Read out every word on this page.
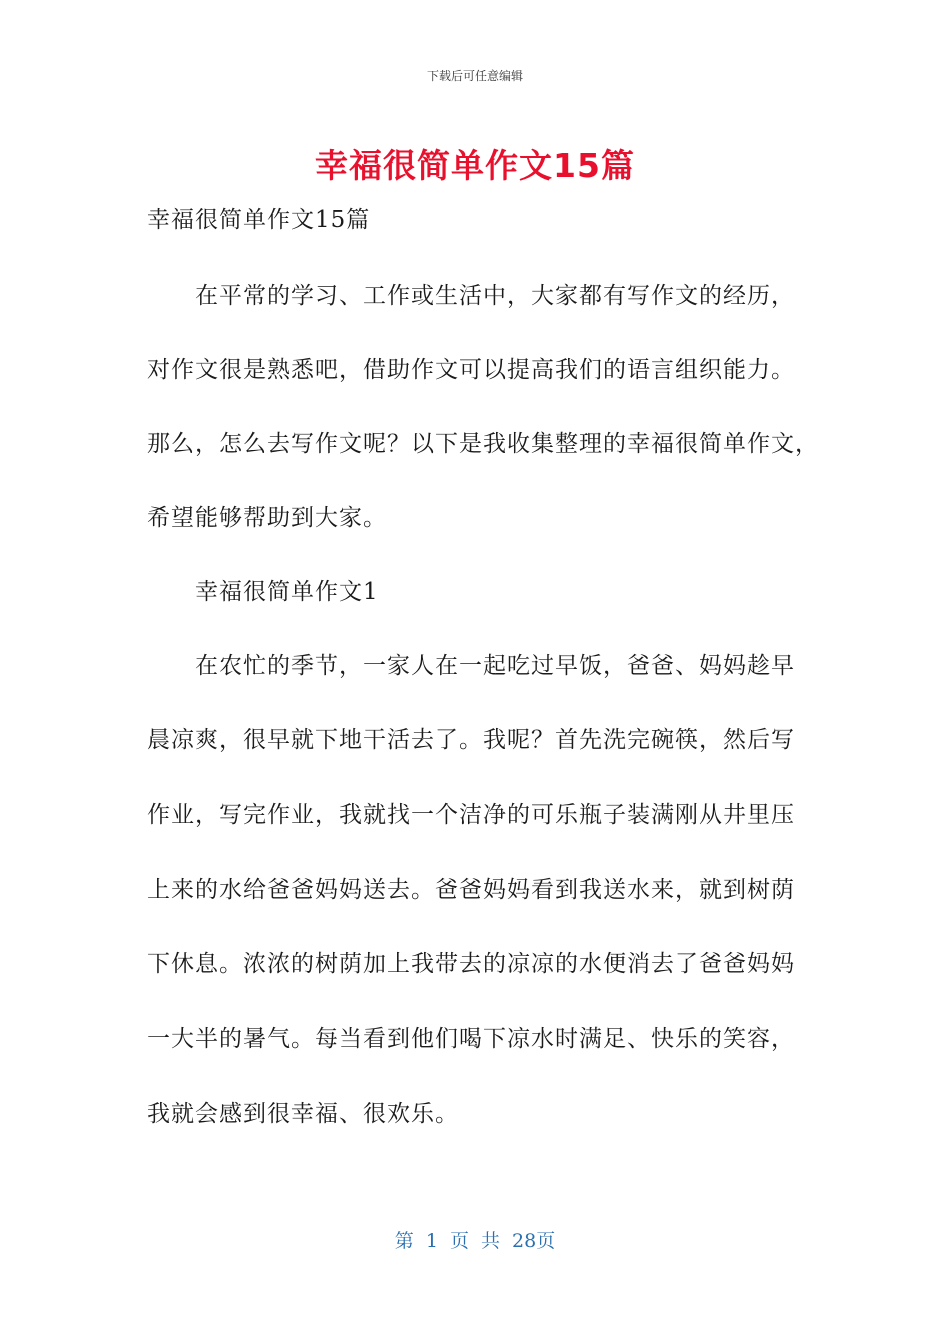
下载后可任意编辑
幸福很简单作文15篇
幸福很简单作文15篇
　　在平常的学习、工作或生活中，大家都有写作文的经历，
对作文很是熟悉吧，借助作文可以提高我们的语言组织能力。
那么，怎么去写作文呢？以下是我收集整理的幸福很简单作文，
希望能够帮助到大家。
　　幸福很简单作文1
　　在农忙的季节，一家人在一起吃过早饭，爸爸、妈妈趁早
晨凉爽，很早就下地干活去了。我呢？首先洗完碗筷，然后写
作业，写完作业，我就找一个洁净的可乐瓶子装满刚从井里压
上来的水给爸爸妈妈送去。爸爸妈妈看到我送水来，就到树荫
下休息。浓浓的树荫加上我带去的凉凉的水便消去了爸爸妈妈
一大半的暑气。每当看到他们喝下凉水时满足、快乐的笑容，
我就会感到很幸福、很欢乐。
第 1 页 共 28页
